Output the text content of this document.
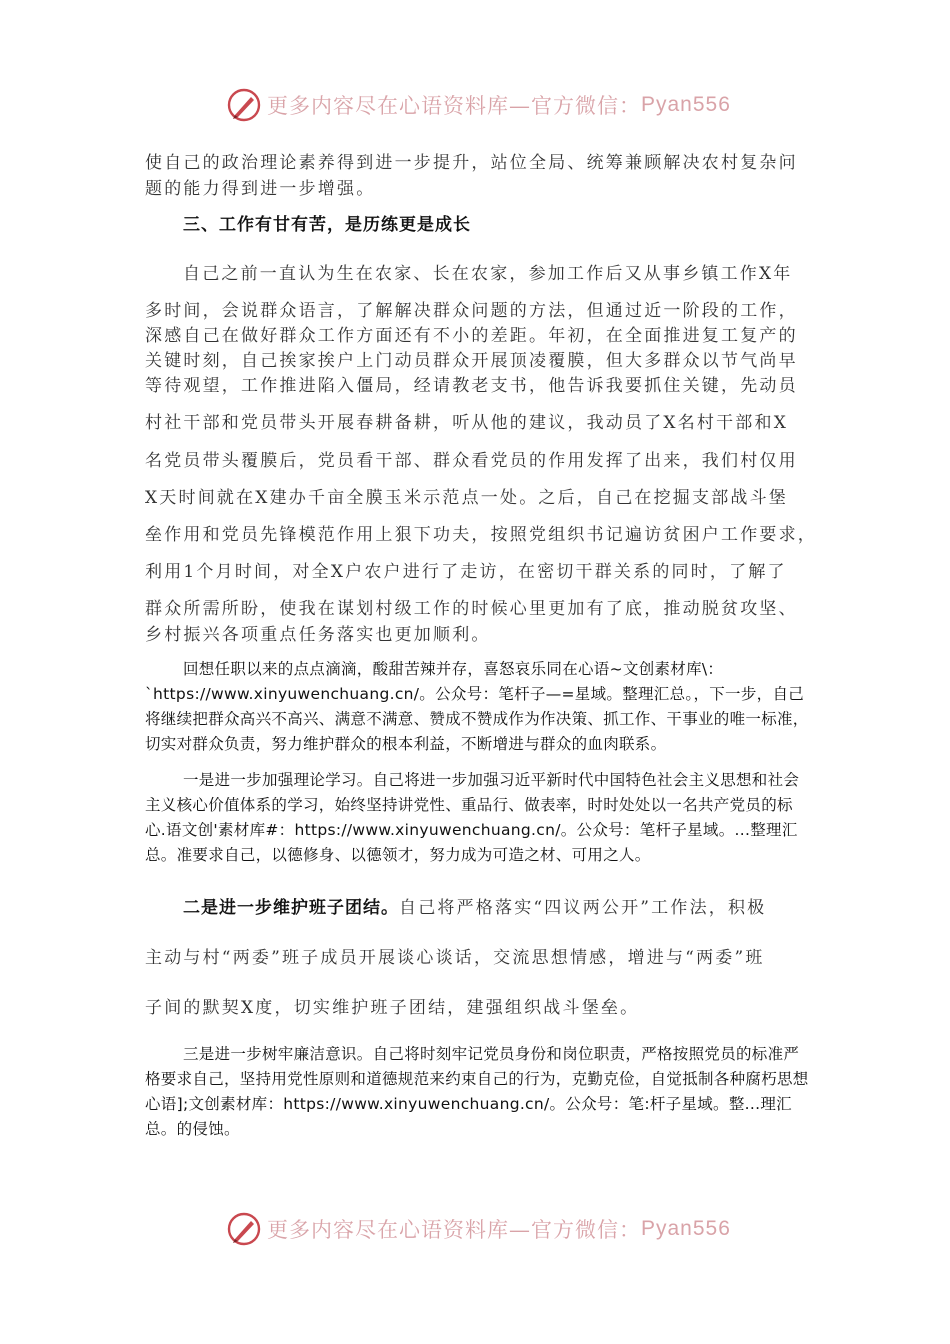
更多内容尽在心语资料库—官方微信： Pyan556
使自己的政治理论素养得到进一步提升，站位全局、统筹兼顾解决农村复杂问
题的能力得到进一步增强。
三、工作有甘有苦，是历练更是成长
自己之前一直认为生在农家、长在农家，参加工作后又从事乡镇工作X年
多时间，会说群众语言，了解解决群众问题的方法，但通过近一阶段的工作，
深感自己在做好群众工作方面还有不小的差距。年初，在全面推进复工复产的
关键时刻，自己挨家挨户上门动员群众开展顶凌覆膜，但大多群众以节气尚早
等待观望，工作推进陷入僵局，经请教老支书，他告诉我要抓住关键，先动员
村社干部和党员带头开展春耕备耕，听从他的建议，我动员了X名村干部和X
名党员带头覆膜后，党员看干部、群众看党员的作用发挥了出来，我们村仅用
X天时间就在X建办千亩全膜玉米示范点一处。之后，自己在挖掘支部战斗堡
垒作用和党员先锋模范作用上狠下功夫，按照党组织书记遍访贫困户工作要求，
利用1个月时间，对全X户农户进行了走访，在密切干群关系的同时，了解了
群众所需所盼，使我在谋划村级工作的时候心里更加有了底，推动脱贫攻坚、
乡村振兴各项重点任务落实也更加顺利。

回想任职以来的点点滴滴，酸甜苦辣并存，喜怒哀乐同在心语~文创素材库\：`https://www.xinyuwenchuang.cn/。公众号：笔杆子—=星域。整理汇总。，下一步，自己将继续把群众高兴不高兴、满意不满意、赞成不赞成作为作决策、抓工作、干事业的唯一标准，切实对群众负责，努力维护群众的根本利益，不断增进与群众的血肉联系。

一是进一步加强理论学习。自己将进一步加强习近平新时代中国特色社会主义思想和社会主义核心价值体系的学习，始终坚持讲党性、重品行、做表率，时时处处以一名共产党员的标心.语文创'素材库#：https://www.xinyuwenchuang.cn/。公众号：笔杆子星域。...整理汇总。准要求自己，以德修身、以德领才，努力成为可造之材、可用之人。

二是进一步维护班子团结。自己将严格落实“四议两公开”工作法，积极
主动与村“两委”班子成员开展谈心谈话，交流思想情感，增进与“两委”班
子间的默契X度，切实维护班子团结，建强组织战斗堡垒。

三是进一步树牢廉洁意识。自己将时刻牢记党员身份和岗位职责，严格按照党员的标准严格要求自己，坚持用党性原则和道德规范来约束自己的行为，克勤克俭，自觉抵制各种腐朽思想心语];文创素材库：https://www.xinyuwenchuang.cn/。公众号：笔:杆子星域。整...理汇总。的侵蚀。

更多内容尽在心语资料库—官方微信： Pyan556
